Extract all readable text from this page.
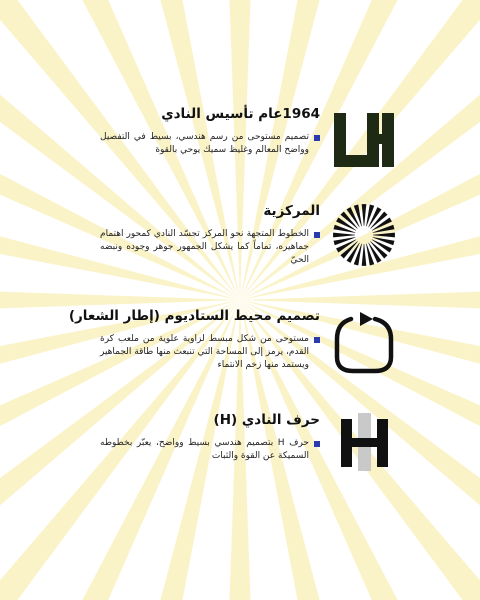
1964عام تأسيس النادي
تصميم مستوحى من رسم هندسي، بسيط في التفصيل وواضح المعالم وغليظ سميك يوحي بالقوة
المركزية
الخطوط المتجهة نحو المركز تجسّد النادي كمحور اهتمام جماهيره، تماماً كما يشكل الجمهور جوهر وجوده ونبضه الحيّ
تصميم محيط الستاديوم (إطار الشعار)
مستوحى من شكل مبسط لزاوية علوية من ملعب كرة القدم، يرمز إلى المساحة التي تنبعث منها طاقة الجماهير ويستمد منها زخم الانتماء
حرف النادي (H)
حرف H بتصميم هندسي بسيط وواضح، يعبّر بخطوطه السميكة عن القوة والثبات
